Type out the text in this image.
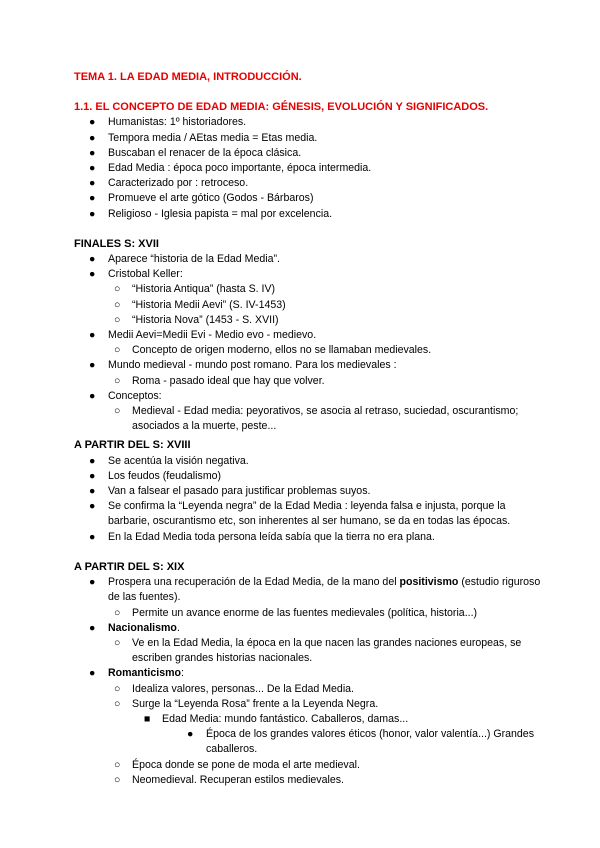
TEMA 1. LA EDAD MEDIA, INTRODUCCIÓN.

1.1. EL CONCEPTO DE EDAD MEDIA: GÉNESIS, EVOLUCIÓN Y SIGNIFICADOS.

● Humanistas: 1º historiadores.
● Tempora media / AEtas media = Etas media.
● Buscaban el renacer de la época clásica.
● Edad Media : época poco importante, época intermedia.
● Caracterizado por : retroceso.
● Promueve el arte gótico (Godos - Bárbaros)
● Religioso - Iglesia papista = mal por excelencia.

FINALES S: XVII

● Aparece “historia de la Edad Media”.
● Cristobal Keller:
○ “Historia Antiqua” (hasta S. IV)
○ “Historia Medii Aevi” (S. IV-1453)
○ “Historia Nova” (1453 - S. XVII)
● Medii Aevi=Medii Evi - Medio evo - medievo.
○ Concepto de origen moderno, ellos no se llamaban medievales.
● Mundo medieval - mundo post romano. Para los medievales :
○ Roma - pasado ideal que hay que volver.
● Conceptos:
○ Medieval - Edad media: peyorativos, se asocia al retraso, suciedad, oscurantismo; asociados a la muerte, peste...

A PARTIR DEL S: XVIII

● Se acentúa la visión negativa.
● Los feudos (feudalismo)
● Van a falsear el pasado para justificar problemas suyos.
● Se confirma la “Leyenda negra” de la Edad Media : leyenda falsa e injusta, porque la barbarie, oscurantismo etc, son inherentes al ser humano, se da en todas las épocas.
● En la Edad Media toda persona leída sabía que la tierra no era plana.

A PARTIR DEL S: XIX

● Prospera una recuperación de la Edad Media, de la mano del positivismo (estudio riguroso de las fuentes).
○ Permite un avance enorme de las fuentes medievales (política, historia...)
● Nacionalismo.
○ Ve en la Edad Media, la época en la que nacen las grandes naciones europeas, se escriben grandes historias nacionales.
● Romanticismo:
○ Idealiza valores, personas... De la Edad Media.
○ Surge la “Leyenda Rosa” frente a la Leyenda Negra.
■ Edad Media: mundo fantástico. Caballeros, damas...
● Época de los grandes valores éticos (honor, valor valentía...) Grandes caballeros.
○ Época donde se pone de moda el arte medieval.
○ Neomedieval. Recuperan estilos medievales.
